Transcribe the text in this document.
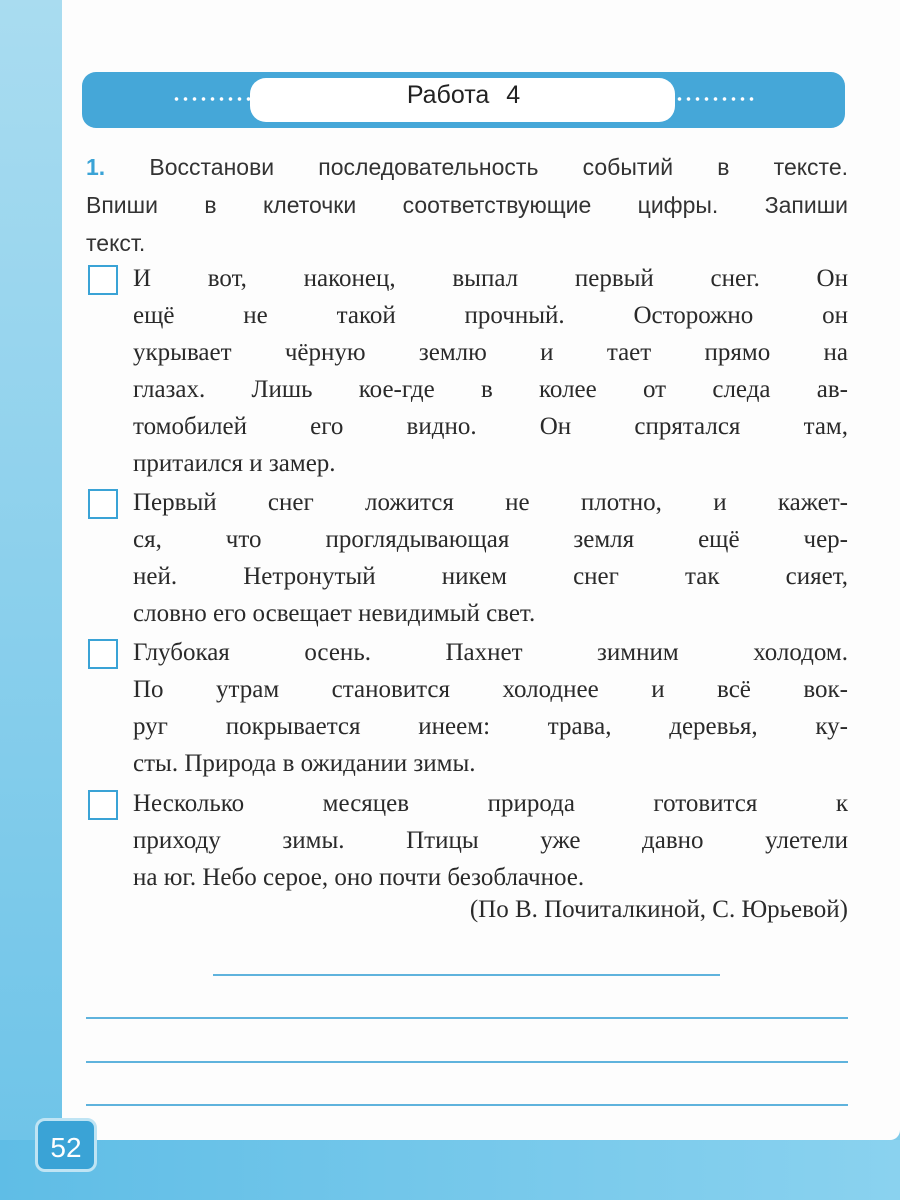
Работа 4
1. Восстанови последовательность событий в тексте.
Впиши в клеточки соответствующие цифры. Запиши
текст.
И вот, наконец, выпал первый снег. Он
ещё не такой прочный. Осторожно он
укрывает чёрную землю и тает прямо на
глазах. Лишь кое-где в колее от следа ав-
томобилей его видно. Он спрятался там,
притаился и замер.
Первый снег ложится не плотно, и кажет-
ся, что проглядывающая земля ещё чер-
ней. Нетронутый никем снег так сияет,
словно его освещает невидимый свет.
Глубокая осень. Пахнет зимним холодом.
По утрам становится холоднее и всё вок-
руг покрывается инеем: трава, деревья, ку-
сты. Природа в ожидании зимы.
Несколько месяцев природа готовится к
приходу зимы. Птицы уже давно улетели
на юг. Небо серое, оно почти безоблачное.
(По В. Почиталкиной, С. Юрьевой)
52
